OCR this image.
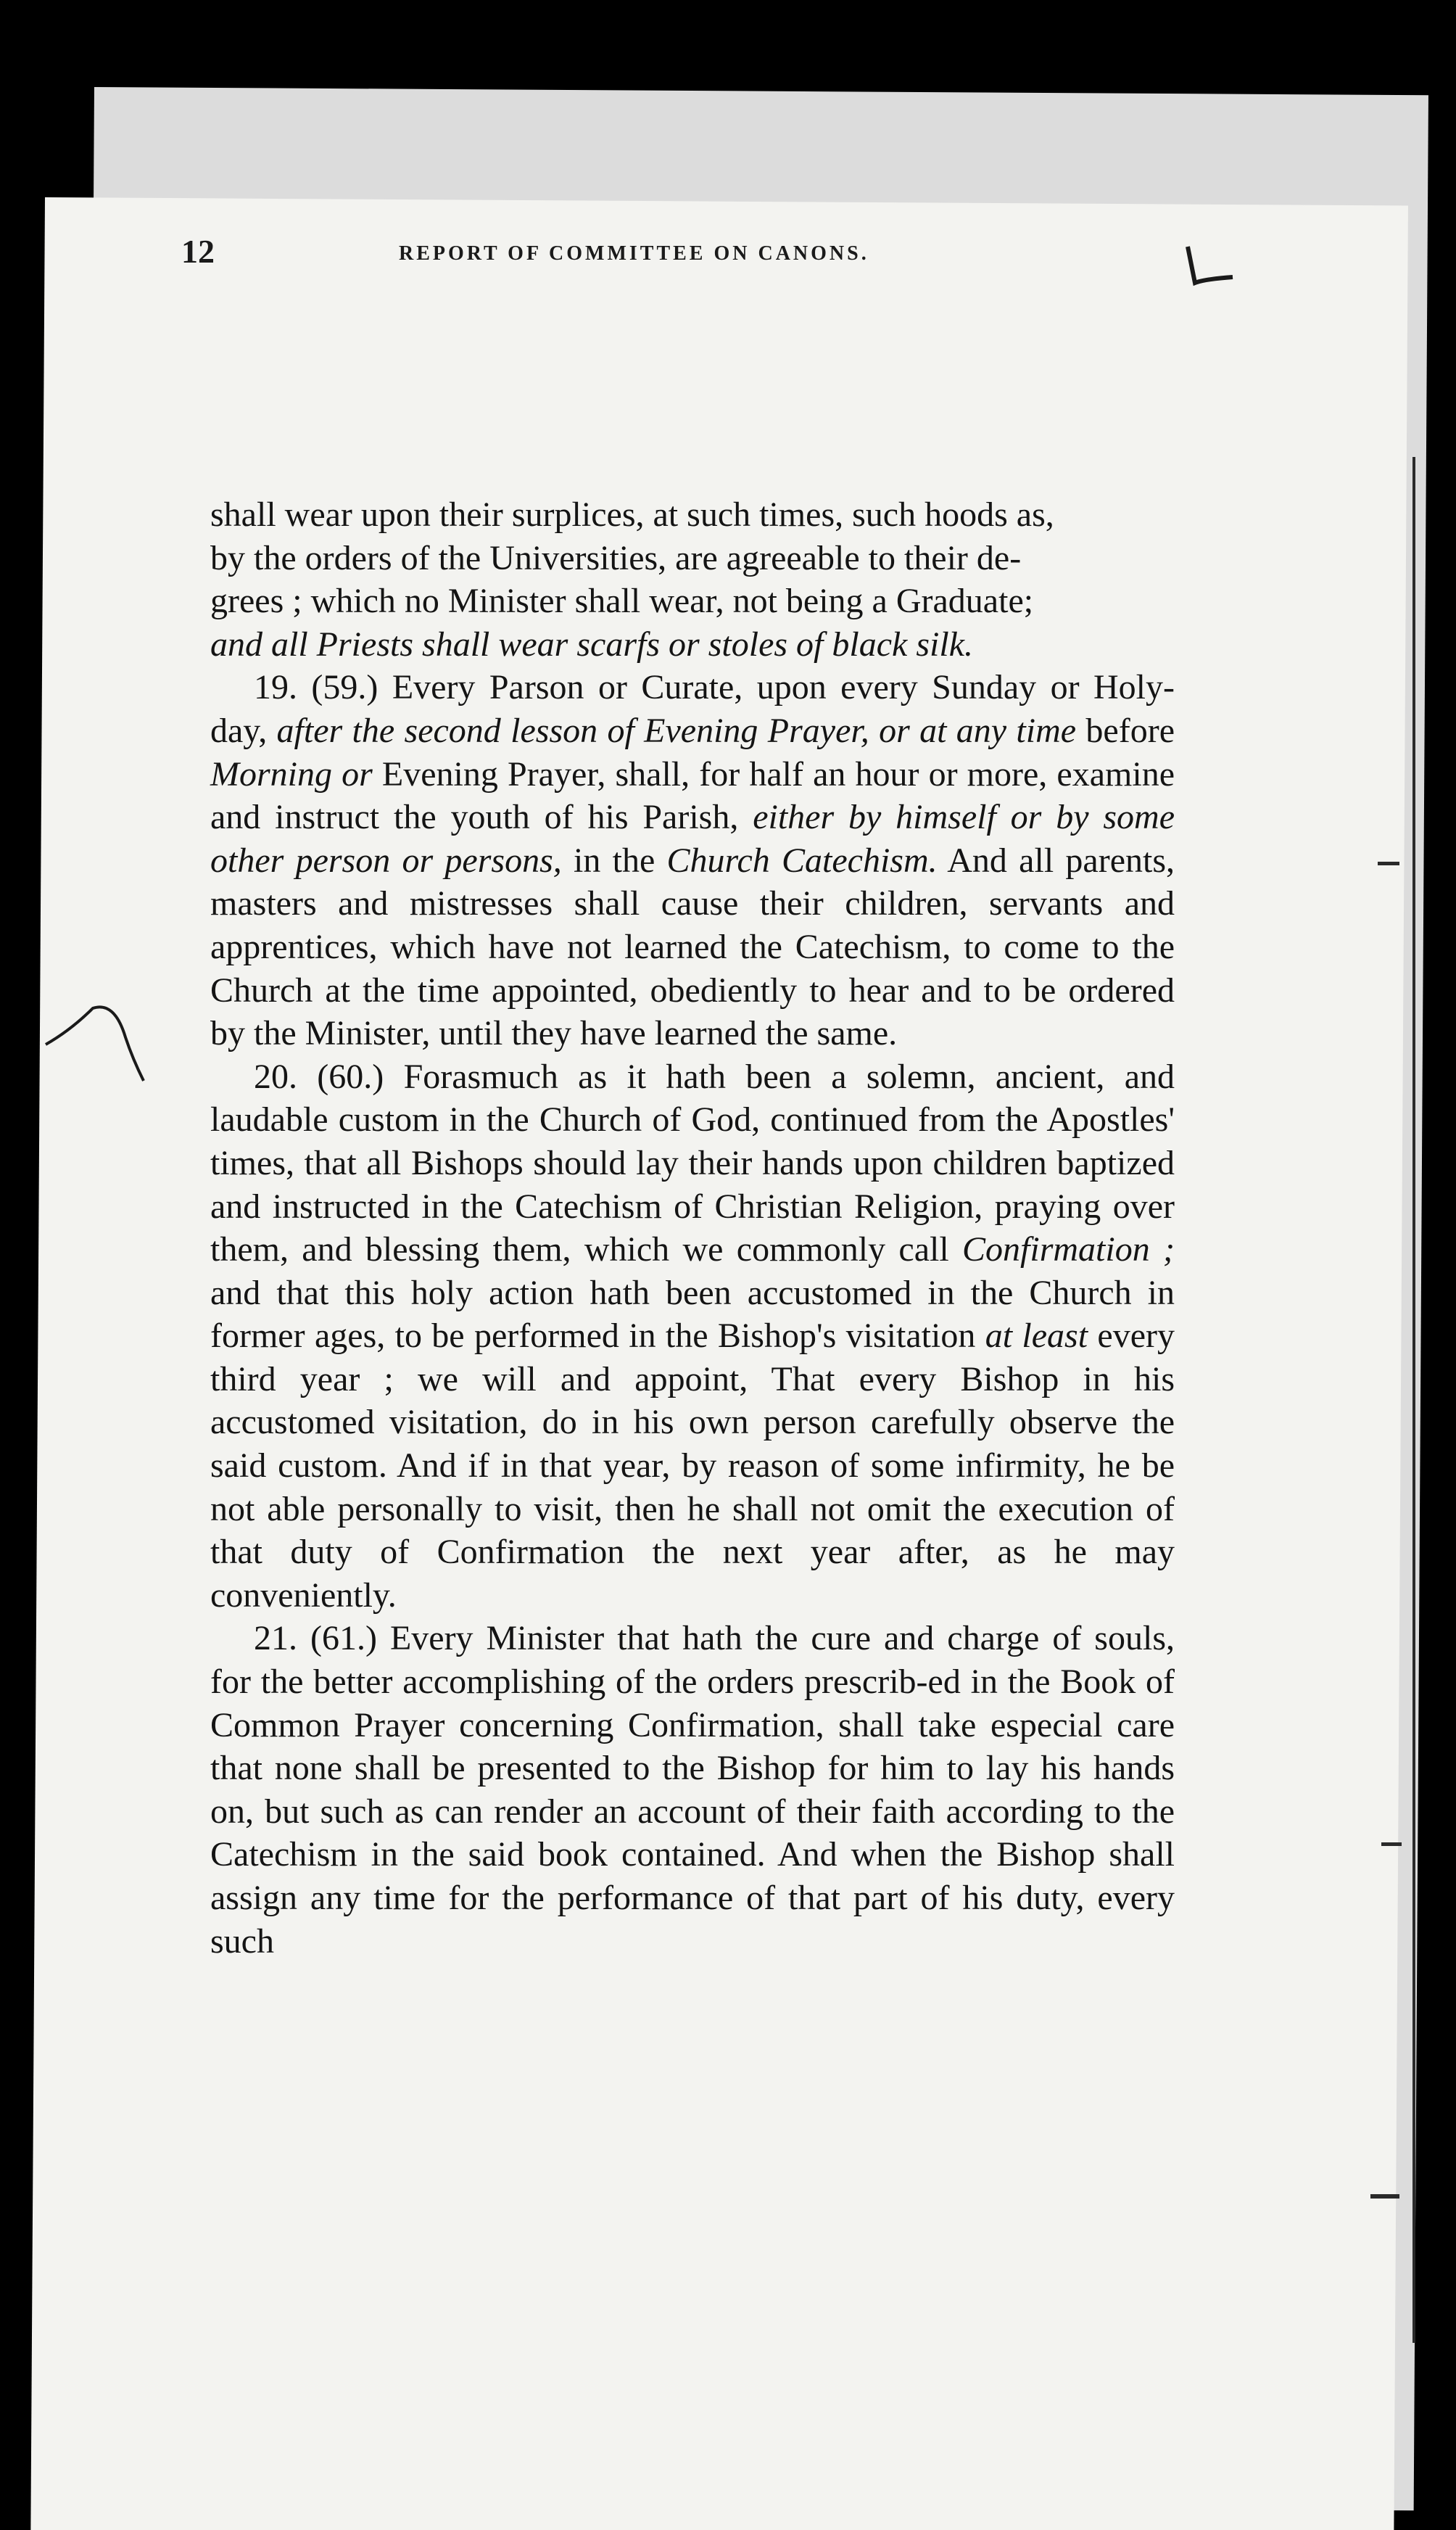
12	REPORT OF COMMITTEE ON CANONS.

shall wear upon their surplices, at such times, such hoods as,
by the orders of the Universities, are agreeable to their de-
grees ; which no Minister shall wear, not being a Graduate;
and all Priests shall wear scarfs or stoles of black silk.

19. (59.) Every Parson or Curate, upon every Sunday or Holy-day, after the second lesson of Evening Prayer, or at any time before Morning or Evening Prayer, shall, for half an hour or more, examine and instruct the youth of his Parish, either by himself or by some other person or persons, in the Church Catechism. And all parents, masters and mistresses shall cause their children, servants and apprentices, which have not learned the Catechism, to come to the Church at the time appointed, obediently to hear and to be ordered by the Minister, until they have learned the same.

20. (60.) Forasmuch as it hath been a solemn, ancient, and laudable custom in the Church of God, continued from the Apostles' times, that all Bishops should lay their hands upon children baptized and instructed in the Catechism of Christian Religion, praying over them, and blessing them, which we commonly call Confirmation ; and that this holy action hath been accustomed in the Church in former ages, to be performed in the Bishop's visitation at least every third year ; we will and appoint, That every Bishop in his accustomed visitation, do in his own person carefully observe the said custom. And if in that year, by reason of some infirmity, he be not able personally to visit, then he shall not omit the execution of that duty of Confirmation the next year after, as he may conveniently.

21. (61.) Every Minister that hath the cure and charge of souls, for the better accomplishing of the orders prescrib-ed in the Book of Common Prayer concerning Confirmation, shall take especial care that none shall be presented to the Bishop for him to lay his hands on, but such as can render an account of their faith according to the Catechism in the said book contained. And when the Bishop shall assign any time for the performance of that part of his duty, every such
